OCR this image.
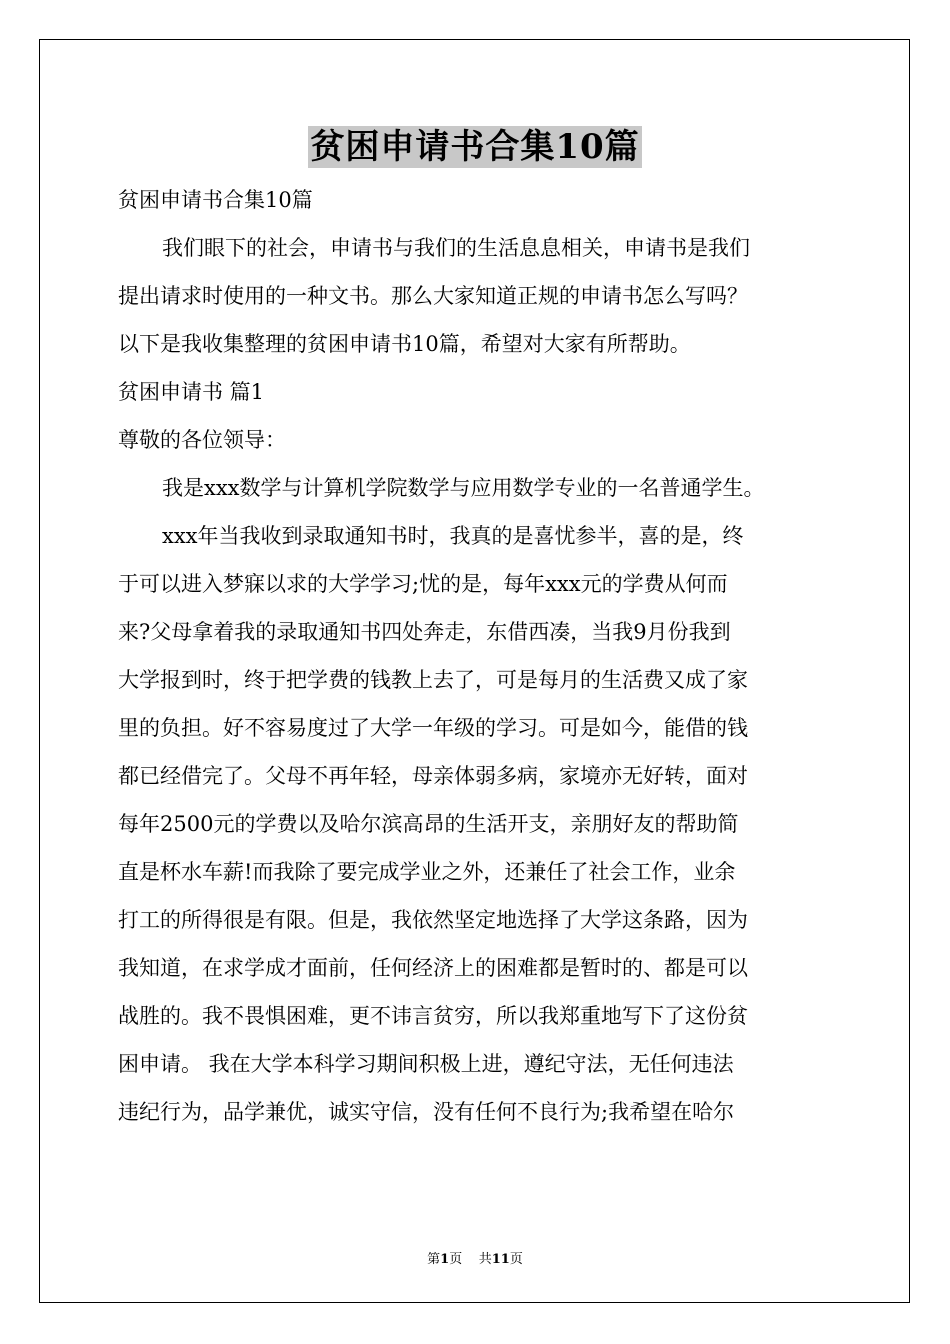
贫困申请书合集10篇
贫困申请书合集10篇
我们眼下的社会，申请书与我们的生活息息相关，申请书是我们
提出请求时使用的一种文书。那么大家知道正规的申请书怎么写吗？
以下是我收集整理的贫困申请书10篇，希望对大家有所帮助。
贫困申请书 篇1
尊敬的各位领导：
我是xxx数学与计算机学院数学与应用数学专业的一名普通学生。
xxx年当我收到录取通知书时，我真的是喜忧参半，喜的是，终
于可以进入梦寐以求的大学学习;忧的是，每年xxx元的学费从何而
来?父母拿着我的录取通知书四处奔走，东借西凑，当我9月份我到
大学报到时，终于把学费的钱教上去了，可是每月的生活费又成了家
里的负担。好不容易度过了大学一年级的学习。可是如今，能借的钱
都已经借完了。父母不再年轻，母亲体弱多病，家境亦无好转，面对
每年2500元的学费以及哈尔滨高昂的生活开支，亲朋好友的帮助简
直是杯水车薪!而我除了要完成学业之外，还兼任了社会工作，业余
打工的所得很是有限。但是，我依然坚定地选择了大学这条路，因为
我知道，在求学成才面前，任何经济上的困难都是暂时的、都是可以
战胜的。我不畏惧困难，更不讳言贫穷，所以我郑重地写下了这份贫
困申请。 我在大学本科学习期间积极上进，遵纪守法，无任何违法
违纪行为，品学兼优，诚实守信，没有任何不良行为;我希望在哈尔
第1页 共11页
